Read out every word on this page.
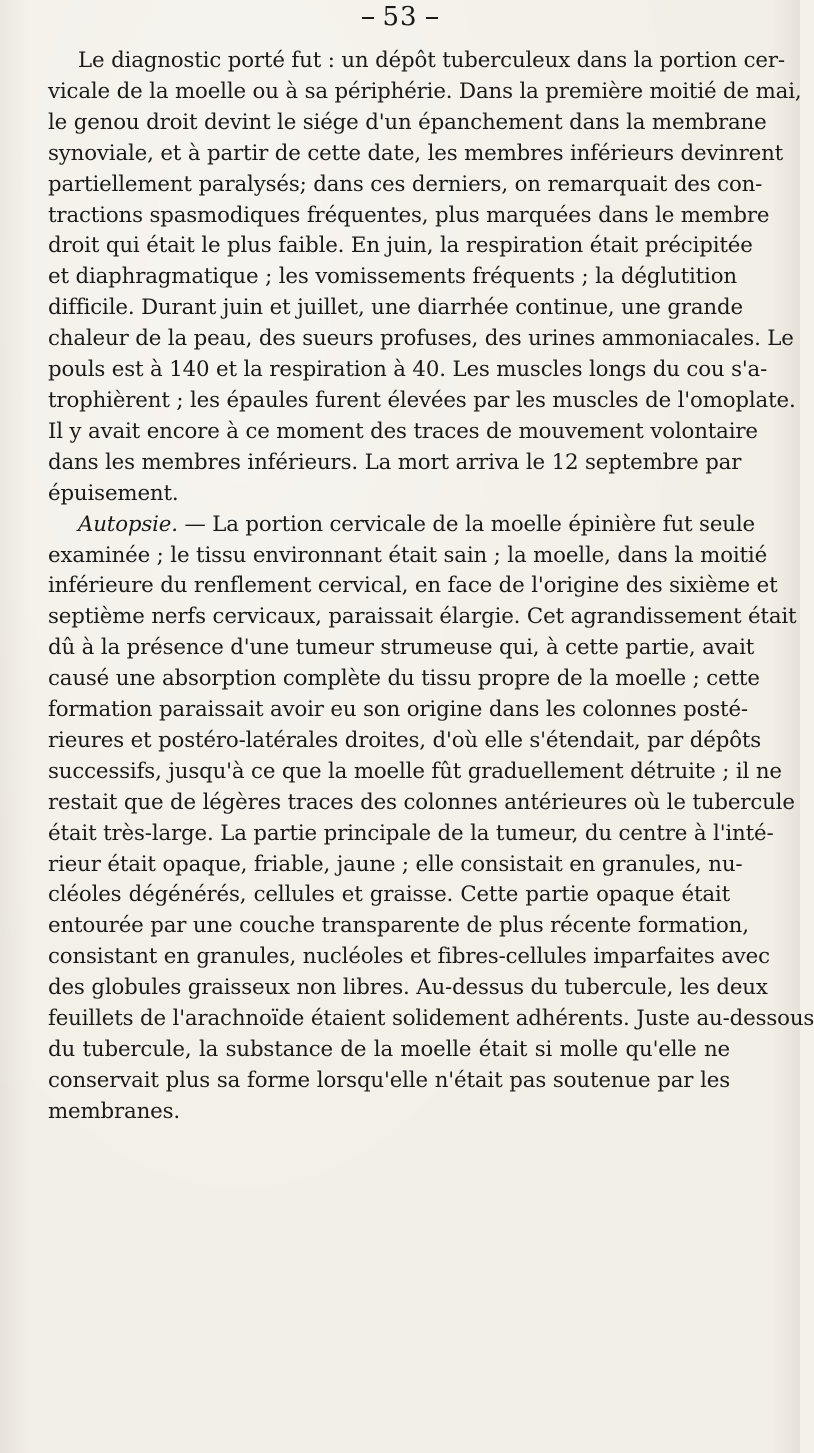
53
Le diagnostic porté fut : un dépôt tuberculeux dans la portion cer-
vicale de la moelle ou à sa périphérie. Dans la première moitié de mai,
le genou droit devint le siége d'un épanchement dans la membrane
synoviale, et à partir de cette date, les membres inférieurs devinrent
partiellement paralysés; dans ces derniers, on remarquait des con-
tractions spasmodiques fréquentes, plus marquées dans le membre
droit qui était le plus faible. En juin, la respiration était précipitée
et diaphragmatique ; les vomissements fréquents ; la déglutition
difficile. Durant juin et juillet, une diarrhée continue, une grande
chaleur de la peau, des sueurs profuses, des urines ammoniacales. Le
pouls est à 140 et la respiration à 40. Les muscles longs du cou s'a-
trophièrent ; les épaules furent élevées par les muscles de l'omoplate.
Il y avait encore à ce moment des traces de mouvement volontaire
dans les membres inférieurs. La mort arriva le 12 septembre par
épuisement.
Autopsie. — La portion cervicale de la moelle épinière fut seule
examinée ; le tissu environnant était sain ; la moelle, dans la moitié
inférieure du renflement cervical, en face de l'origine des sixième et
septième nerfs cervicaux, paraissait élargie. Cet agrandissement était
dû à la présence d'une tumeur strumeuse qui, à cette partie, avait
causé une absorption complète du tissu propre de la moelle ; cette
formation paraissait avoir eu son origine dans les colonnes posté-
rieures et postéro-latérales droites, d'où elle s'étendait, par dépôts
successifs, jusqu'à ce que la moelle fût graduellement détruite ; il ne
restait que de légères traces des colonnes antérieures où le tubercule
était très-large. La partie principale de la tumeur, du centre à l'inté-
rieur était opaque, friable, jaune ; elle consistait en granules, nu-
cléoles dégénérés, cellules et graisse. Cette partie opaque était
entourée par une couche transparente de plus récente formation,
consistant en granules, nucléoles et fibres-cellules imparfaites avec
des globules graisseux non libres. Au-dessus du tubercule, les deux
feuillets de l'arachnoïde étaient solidement adhérents. Juste au-dessous
du tubercule, la substance de la moelle était si molle qu'elle ne
conservait plus sa forme lorsqu'elle n'était pas soutenue par les
membranes.
